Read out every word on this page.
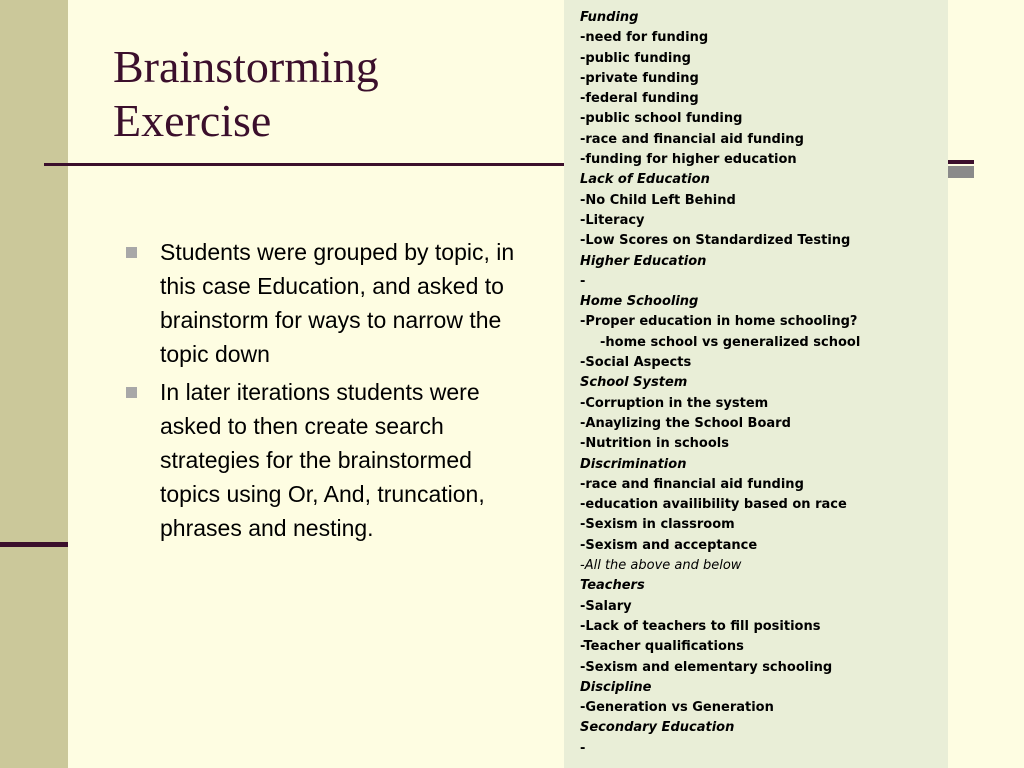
Brainstorming
Exercise
Students were grouped by topic, in this case Education, and asked to brainstorm for ways to narrow the topic down
In later iterations students were asked to then create search strategies for the brainstormed topics using Or, And, truncation, phrases and nesting.
Funding
-need for funding
-public funding
-private funding
-federal funding
-public school funding
-race and financial aid funding
-funding for higher education
Lack of Education
-No Child Left Behind
-Literacy
-Low Scores on Standardized Testing
Higher Education
-
Home Schooling
-Proper education in home schooling?
-home school vs generalized school
-Social Aspects
School System
-Corruption in the system
-Anaylizing the School Board
-Nutrition in schools
Discrimination
-race and financial aid funding
-education availibility based on race
-Sexism in classroom
-Sexism and acceptance
-All the above and below
Teachers
-Salary
-Lack of teachers to fill positions
-Teacher qualifications
-Sexism and elementary schooling
Discipline
-Generation vs Generation
Secondary Education
-
